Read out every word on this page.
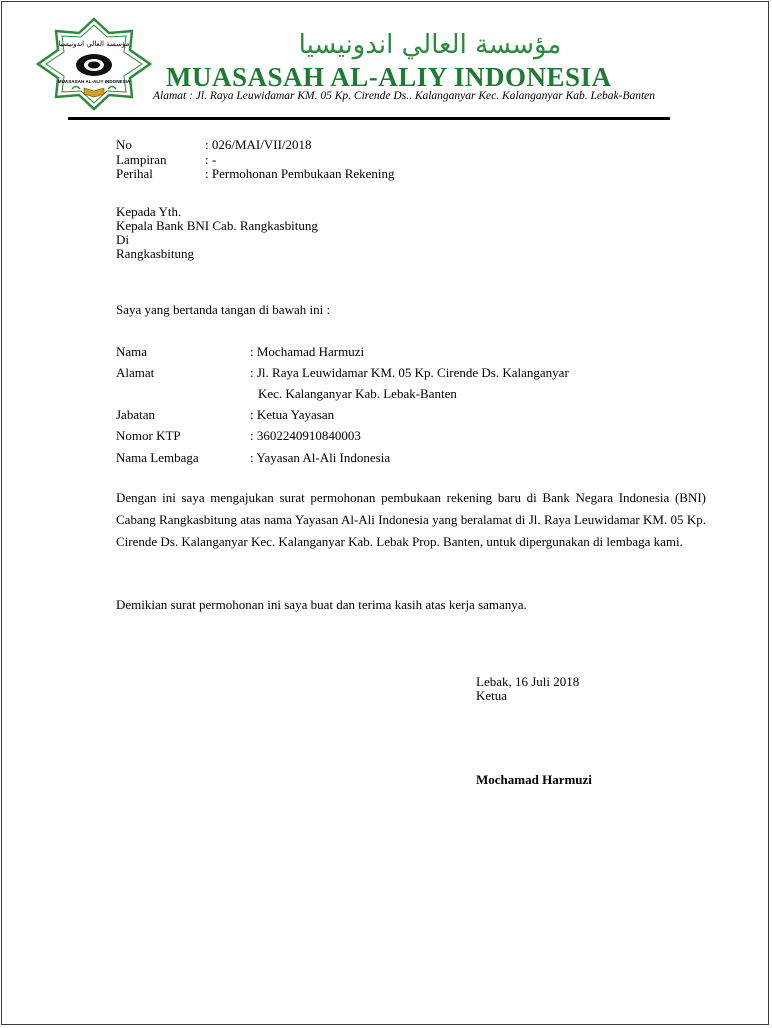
مؤسسة العالي اندونيسيا
MUASASAH AL-ALIY INDONESIA
مؤسسة العالي اندونيسيا
MUASASAH AL-ALIY INDONESIA
Alamat : Jl. Raya Leuwidamar KM. 05 Kp. Cirende Ds.. Kalanganyar Kec. Kalanganyar Kab. Lebak-Banten
No	: 026/MAI/VII/2018
Lampiran	: -
Perihal	: Permohonan Pembukaan Rekening
Kepada Yth.
Kepala Bank BNI Cab. Rangkasbitung
Di
Rangkasbitung
Saya yang bertanda tangan di bawah ini :
Nama	: Mochamad Harmuzi
Alamat	: Jl. Raya Leuwidamar KM. 05 Kp. Cirende Ds. Kalanganyar
Kec. Kalanganyar Kab. Lebak-Banten
Jabatan	: Ketua Yayasan
Nomor KTP	: 3602240910840003
Nama Lembaga	: Yayasan Al-Ali Indonesia
Dengan ini saya mengajukan surat permohonan pembukaan rekening baru di Bank Negara Indonesia (BNI) Cabang Rangkasbitung atas nama Yayasan Al-Ali Indonesia yang beralamat di Jl. Raya Leuwidamar KM. 05 Kp. Cirende Ds. Kalanganyar Kec. Kalanganyar Kab. Lebak Prop. Banten, untuk dipergunakan di lembaga kami.
Demikian surat permohonan ini saya buat dan terima kasih atas kerja samanya.
Lebak, 16 Juli 2018
Ketua
Mochamad Harmuzi
